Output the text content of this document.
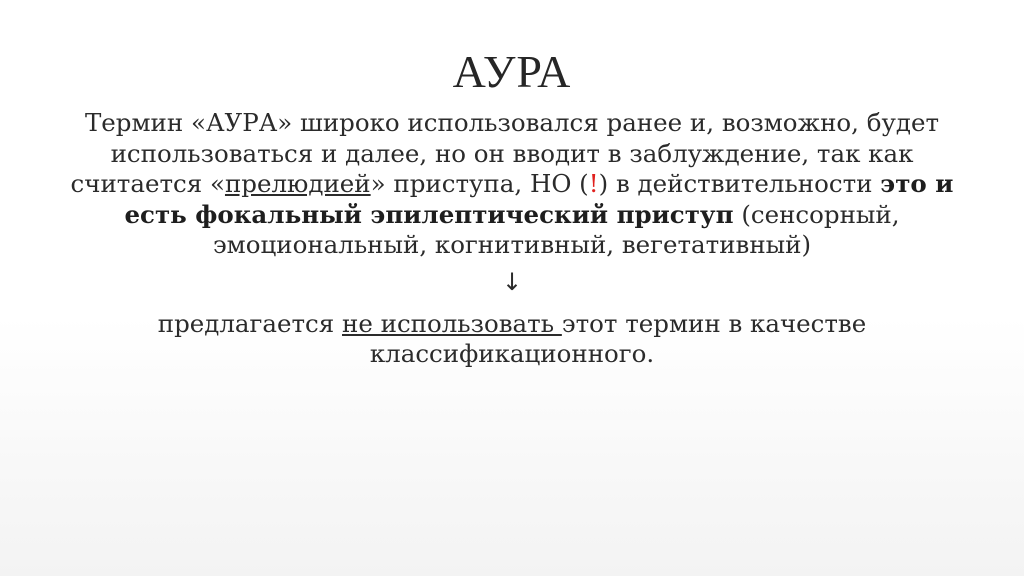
АУРА

Термин «АУРА» широко использовался ранее и, возможно, будет использоваться и далее, но он вводит в заблуждение, так как считается «прелюдией» приступа, НО (!) в действительности это и есть фокальный эпилептический приступ (сенсорный, эмоциональный, когнитивный, вегетативный)

↓

предлагается не использовать этот термин в качестве классификационного.
